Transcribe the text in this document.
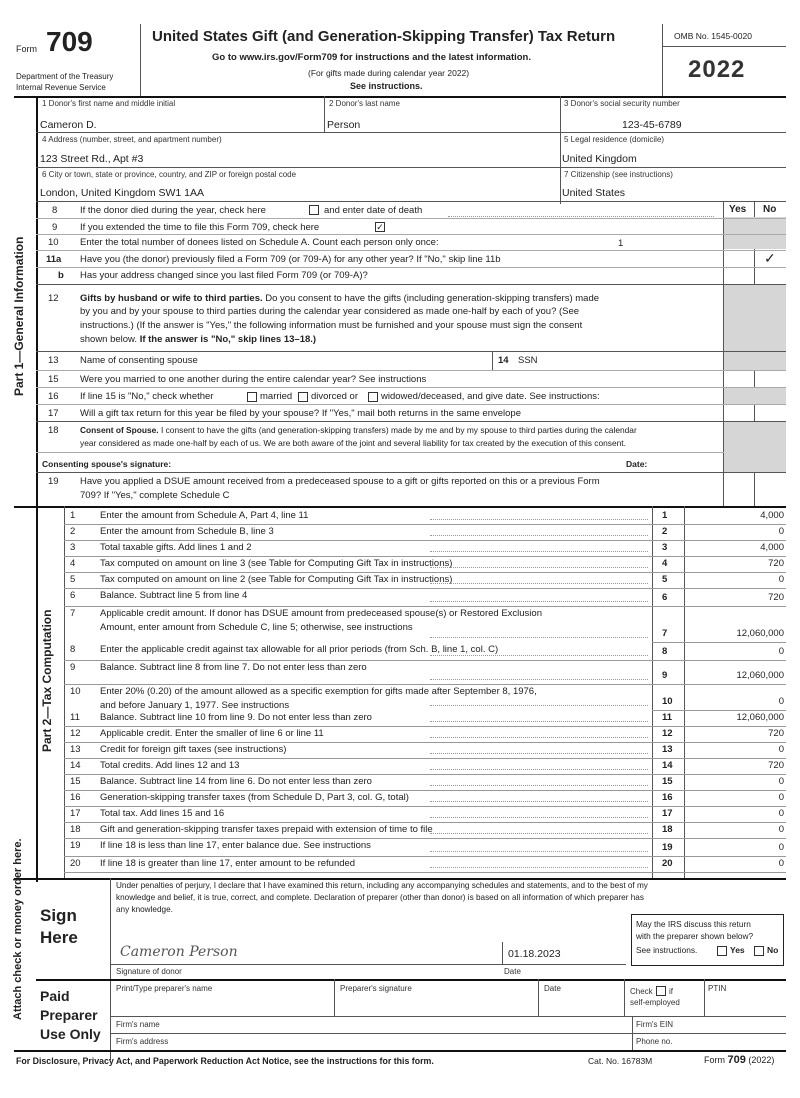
Form 709
Department of the Treasury
Internal Revenue Service
United States Gift (and Generation-Skipping Transfer) Tax Return
Go to www.irs.gov/Form709 for instructions and the latest information.
(For gifts made during calendar year 2022)
See instructions.
OMB No. 1545-0020
2022
1 Donor's first name and middle initial
Cameron D.
2 Donor's last name
Person
3 Donor's social security number
123-45-6789
4 Address (number, street, and apartment number)
123 Street Rd., Apt #3
5 Legal residence (domicile)
United Kingdom
6 City or town, state or province, country, and ZIP or foreign postal code
London, United Kingdom SW1 1AA
7 Citizenship (see instructions)
United States
Part 1—General Information
Yes No
8 If the donor died during the year, check here	and enter date of death
9 If you extended the time to file this Form 709, check here	✓
10 Enter the total number of donees listed on Schedule A. Count each person only once:	1
11a Have you (the donor) previously filed a Form 709 (or 709-A) for any other year? If "No," skip line 11b	✓
b Has your address changed since you last filed Form 709 (or 709-A)?
12 Gifts by husband or wife to third parties. Do you consent to have the gifts (including generation-skipping transfers) made
by you and by your spouse to third parties during the calendar year considered as made one-half by each of you? (See
instructions.) (If the answer is "Yes," the following information must be furnished and your spouse must sign the consent
shown below. If the answer is "No," skip lines 13–18.)
13 Name of consenting spouse	14 SSN
15 Were you married to one another during the entire calendar year? See instructions
16 If line 15 is "No," check whether	married divorced or widowed/deceased, and give date. See instructions:
17 Will a gift tax return for this year be filed by your spouse? If "Yes," mail both returns in the same envelope
18	Consent of Spouse. I consent to have the gifts (and generation-skipping transfers) made by me and by my spouse to third parties during the calendar
year considered as made one-half by each of us. We are both aware of the joint and several liability for tax created by the execution of this consent.
Consenting spouse's signature:	Date:
19 Have you applied a DSUE amount received from a predeceased spouse to a gift or gifts reported on this or a previous Form
709? If "Yes," complete Schedule C
Part 2—Tax Computation
1	Enter the amount from Schedule A, Part 4, line 11	1	4,000
2	Enter the amount from Schedule B, line 3	2	0
3	Total taxable gifts. Add lines 1 and 2	3	4,000
4	Tax computed on amount on line 3 (see Table for Computing Gift Tax in instructions)	4	720
5	Tax computed on amount on line 2 (see Table for Computing Gift Tax in instructions)	5	0
6	Balance. Subtract line 5 from line 4	6	720
7	Applicable credit amount. If donor has DSUE amount from predeceased spouse(s) or Restored Exclusion
Amount, enter amount from Schedule C, line 5; otherwise, see instructions
7	12,060,000
8	Enter the applicable credit against tax allowable for all prior periods (from Sch. B, line 1, col. C)	8	0
9	Balance. Subtract line 8 from line 7. Do not enter less than zero
9	12,060,000
10 Enter 20% (0.20) of the amount allowed as a specific exemption for gifts made after September 8, 1976,
and before January 1, 1977. See instructions	10	0
11 Balance. Subtract line 10 from line 9. Do not enter less than zero	11	12,060,000
12 Applicable credit. Enter the smaller of line 6 or line 11	12	720
13 Credit for foreign gift taxes (see instructions)	13	0
14 Total credits. Add lines 12 and 13	14	720
15 Balance. Subtract line 14 from line 6. Do not enter less than zero	15	0
16 Generation-skipping transfer taxes (from Schedule D, Part 3, col. G, total)	16	0
17 Total tax. Add lines 15 and 16	17	0
18 Gift and generation-skipping transfer taxes prepaid with extension of time to file	18	0
19 If line 18 is less than line 17, enter balance due. See instructions	19	0
20 If line 18 is greater than line 17, enter amount to be refunded	20	0
Attach check or money order here. Sign
Here
Under penalties of perjury, I declare that I have examined this return, including any accompanying schedules and statements, and to the best of my
knowledge and belief, it is true, correct, and complete. Declaration of preparer (other than donor) is based on all information of which preparer has
any knowledge.
Cameron Person	01.18.2023
Signature of donor	Date
May the IRS discuss this return
with the preparer shown below?
See instructions.	Yes	No
Paid
Preparer
Use Only
Print/Type preparer's name	Preparer's signature	Date	Check if
self-employed
PTIN
Firm's name	Firm's EIN
Firm's address	Phone no.
For Disclosure, Privacy Act, and Paperwork Reduction Act Notice, see the instructions for this form.	Cat. No. 16783M	Form 709 (2022)
